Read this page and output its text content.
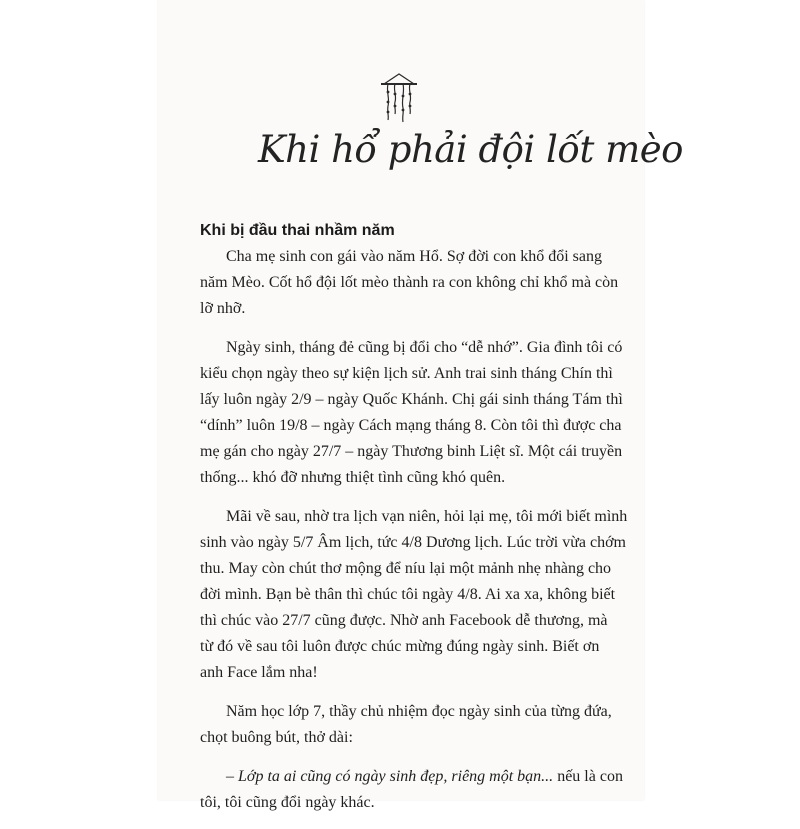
Khi hổ phải đội lốt mèo
Khi bị đầu thai nhầm năm

Cha mẹ sinh con gái vào năm Hổ. Sợ đời con khổ đổi sang
năm Mèo. Cốt hổ đội lốt mèo thành ra con không chỉ khổ mà còn
lỡ nhỡ.

Ngày sinh, tháng đẻ cũng bị đổi cho “dễ nhớ”. Gia đình tôi có
kiểu chọn ngày theo sự kiện lịch sử. Anh trai sinh tháng Chín thì
lấy luôn ngày 2/9 – ngày Quốc Khánh. Chị gái sinh tháng Tám thì
“dính” luôn 19/8 – ngày Cách mạng tháng 8. Còn tôi thì được cha
mẹ gán cho ngày 27/7 – ngày Thương binh Liệt sĩ. Một cái truyền
thống... khó đỡ nhưng thiệt tình cũng khó quên.

Mãi về sau, nhờ tra lịch vạn niên, hỏi lại mẹ, tôi mới biết mình
sinh vào ngày 5/7 Âm lịch, tức 4/8 Dương lịch. Lúc trời vừa chớm
thu. May còn chút thơ mộng để níu lại một mảnh nhẹ nhàng cho
đời mình. Bạn bè thân thì chúc tôi ngày 4/8. Ai xa xa, không biết
thì chúc vào 27/7 cũng được. Nhờ anh Facebook dễ thương, mà
từ đó về sau tôi luôn được chúc mừng đúng ngày sinh. Biết ơn
anh Face lắm nha!

Năm học lớp 7, thầy chủ nhiệm đọc ngày sinh của từng đứa,
chọt buông bút, thở dài:

– Lớp ta ai cũng có ngày sinh đẹp, riêng một bạn... nếu là con
tôi, tôi cũng đổi ngày khác.
